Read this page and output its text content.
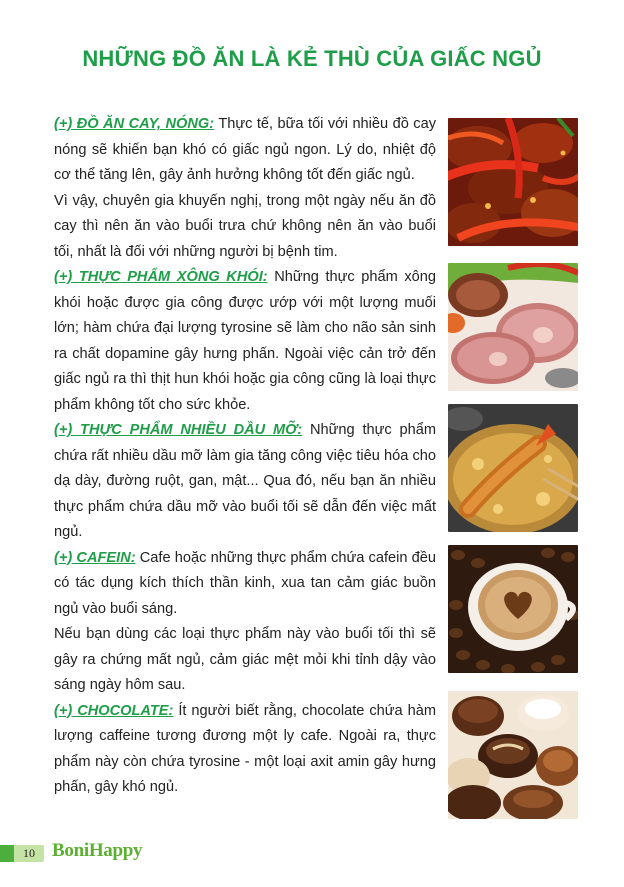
NHỮNG ĐỒ ĂN LÀ KẺ THÙ CỦA GIẤC NGỦ

(+) ĐỒ ĂN CAY, NÓNG: Thực tế, bữa tối với nhiều đồ cay nóng sẽ khiến bạn khó có giấc ngủ ngon. Lý do, nhiệt độ cơ thể tăng lên, gây ảnh hưởng không tốt đến giấc ngủ.

Vì vậy, chuyên gia khuyến nghị, trong một ngày nếu ăn đồ cay thì nên ăn vào buổi trưa chứ không nên ăn vào buổi tối, nhất là đối với những người bị bệnh tim.

(+) THỰC PHẨM XÔNG KHÓI: Những thực phẩm xông khói hoặc được gia công được ướp với một lượng muối lớn; hàm chứa đại lượng tyrosine sẽ làm cho não sản sinh ra chất dopamine gây hưng phấn. Ngoài việc cản trở đến giấc ngủ ra thì thịt hun khói hoặc gia công cũng là loại thực phẩm không tốt cho sức khỏe.

(+) THỰC PHẨM NHIỀU DẦU MỠ: Những thực phẩm chứa rất nhiều dầu mỡ làm gia tăng công việc tiêu hóa cho dạ dày, đường ruột, gan, mật... Qua đó, nếu bạn ăn nhiều thực phẩm chứa dầu mỡ vào buổi tối sẽ dẫn đến việc mất ngủ.

(+) CAFEIN: Cafe hoặc những thực phẩm chứa cafein đều có tác dụng kích thích thần kinh, xua tan cảm giác buồn ngủ vào buổi sáng.

Nếu bạn dùng các loại thực phẩm này vào buổi tối thì sẽ gây ra chứng mất ngủ, cảm giác mệt mỏi khi tỉnh dậy vào sáng ngày hôm sau.

(+) CHOCOLATE: Ít người biết rằng, chocolate chứa hàm lượng caffeine tương đương một ly cafe. Ngoài ra, thực phẩm này còn chứa tyrosine - một loại axit amin gây hưng phấn, gây khó ngủ.

10 BoniHappy
